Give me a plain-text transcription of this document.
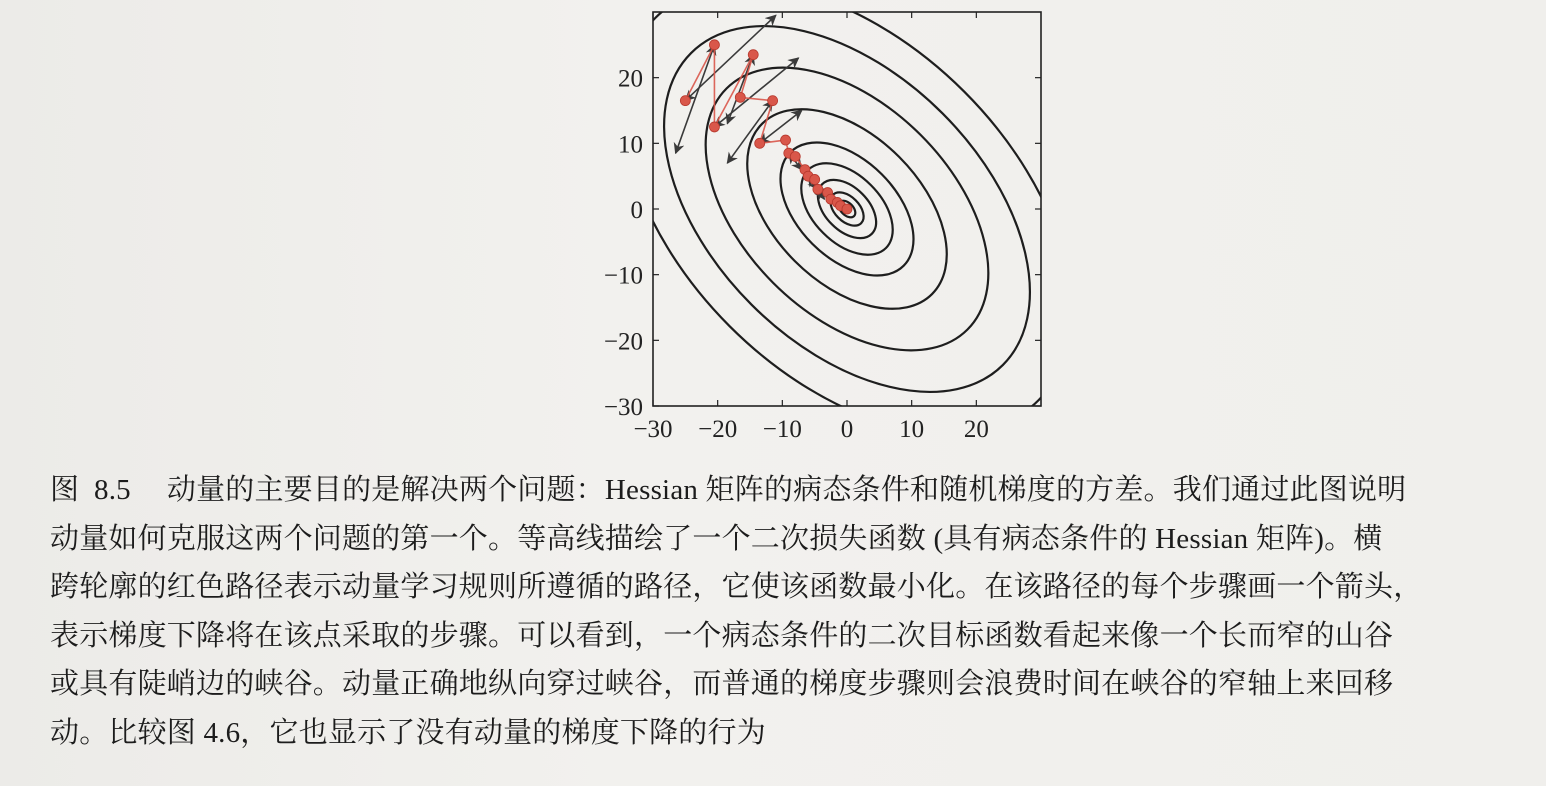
−30 −20 −10 0 10 20
20
10
0
−10
−20
−30
图 8.5 动量的主要目的是解决两个问题：Hessian 矩阵的病态条件和随机梯度的方差。我们通过此图说明
动量如何克服这两个问题的第一个。等高线描绘了一个二次损失函数 (具有病态条件的 Hessian 矩阵)。横
跨轮廓的红色路径表示动量学习规则所遵循的路径，它使该函数最小化。在该路径的每个步骤画一个箭头，
表示梯度下降将在该点采取的步骤。可以看到，一个病态条件的二次目标函数看起来像一个长而窄的山谷
或具有陡峭边的峡谷。动量正确地纵向穿过峡谷，而普通的梯度步骤则会浪费时间在峡谷的窄轴上来回移
动。比较图 4.6，它也显示了没有动量的梯度下降的行为
